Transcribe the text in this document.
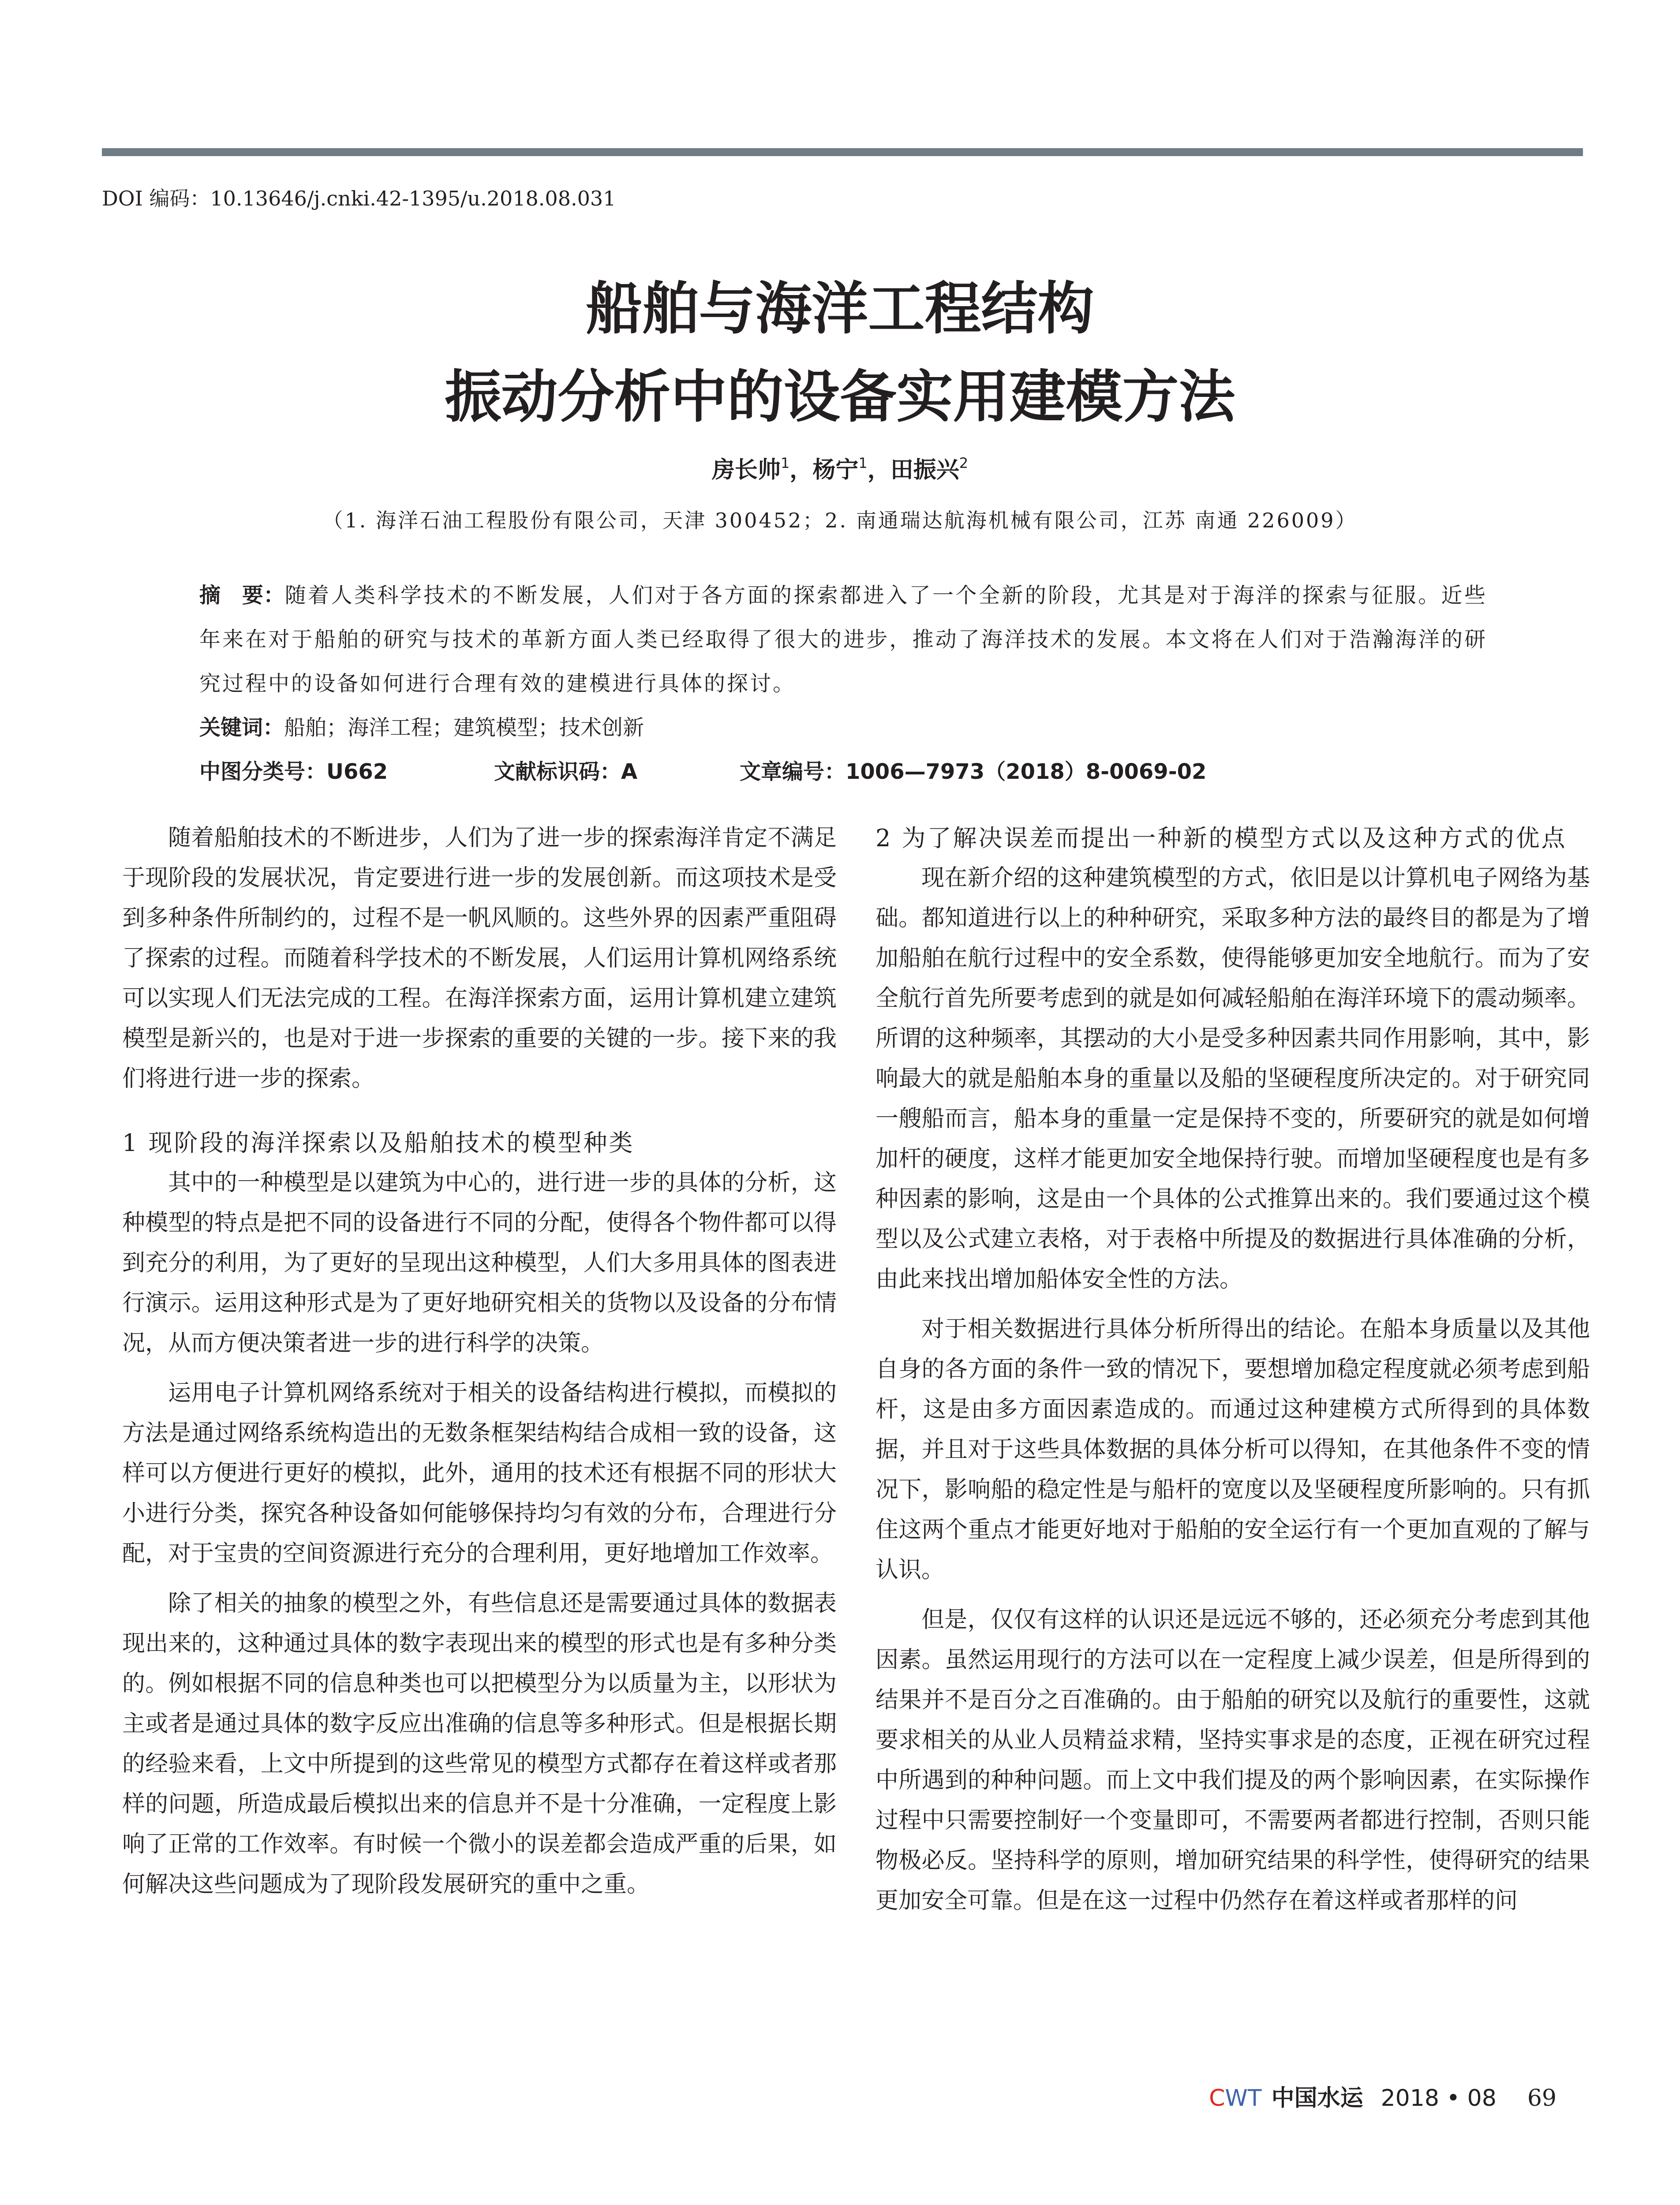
DOI 编码：10.13646/j.cnki.42-1395/u.2018.08.031
船舶与海洋工程结构
振动分析中的设备实用建模方法
房长帅$^1$，杨宁$^1$，田振兴$^2$
（1. 海洋石油工程股份有限公司，天津 300452；2. 南通瑞达航海机械有限公司，江苏 南通 226009）

摘　要：随着人类科学技术的不断发展，人们对于各方面的探索都进入了一个全新的阶段，尤其是对于海洋的探索与征服。近些年来在对于船舶的研究与技术的革新方面人类已经取得了很大的进步，推动了海洋技术的发展。本文将在人们对于浩瀚海洋的研究过程中的设备如何进行合理有效的建模进行具体的探讨。

关键词：船舶；海洋工程；建筑模型；技术创新
中图分类号：U662	文献标识码：A	文章编号：1006—7973（2018）8-0069-02

随着船舶技术的不断进步，人们为了进一步的探索海洋肯定不满足于现阶段的发展状况，肯定要进行进一步的发展创新。而这项技术是受到多种条件所制约的，过程不是一帆风顺的。这些外界的因素严重阻碍了探索的过程。而随着科学技术的不断发展，人们运用计算机网络系统可以实现人们无法完成的工程。在海洋探索方面，运用计算机建立建筑模型是新兴的，也是对于进一步探索的重要的关键的一步。接下来的我们将进行进一步的探索。

1 现阶段的海洋探索以及船舶技术的模型种类

其中的一种模型是以建筑为中心的，进行进一步的具体的分析，这种模型的特点是把不同的设备进行不同的分配，使得各个物件都可以得到充分的利用，为了更好的呈现出这种模型，人们大多用具体的图表进行演示。运用这种形式是为了更好地研究相关的货物以及设备的分布情况，从而方便决策者进一步的进行科学的决策。

运用电子计算机网络系统对于相关的设备结构进行模拟，而模拟的方法是通过网络系统构造出的无数条框架结构结合成相一致的设备，这样可以方便进行更好的模拟，此外，通用的技术还有根据不同的形状大小进行分类，探究各种设备如何能够保持均匀有效的分布，合理进行分配，对于宝贵的空间资源进行充分的合理利用，更好地增加工作效率。

除了相关的抽象的模型之外，有些信息还是需要通过具体的数据表现出来的，这种通过具体的数字表现出来的模型的形式也是有多种分类的。例如根据不同的信息种类也可以把模型分为以质量为主，以形状为主或者是通过具体的数字反应出准确的信息等多种形式。但是根据长期的经验来看，上文中所提到的这些常见的模型方式都存在着这样或者那样的问题，所造成最后模拟出来的信息并不是十分准确，一定程度上影响了正常的工作效率。有时候一个微小的误差都会造成严重的后果，如何解决这些问题成为了现阶段发展研究的重中之重。

2 为了解决误差而提出一种新的模型方式以及这种方式的优点

现在新介绍的这种建筑模型的方式，依旧是以计算机电子网络为基础。都知道进行以上的种种研究，采取多种方法的最终目的都是为了增加船舶在航行过程中的安全系数，使得能够更加安全地航行。而为了安全航行首先所要考虑到的就是如何减轻船舶在海洋环境下的震动频率。所谓的这种频率，其摆动的大小是受多种因素共同作用影响，其中，影响最大的就是船舶本身的重量以及船的坚硬程度所决定的。对于研究同一艘船而言，船本身的重量一定是保持不变的，所要研究的就是如何增加杆的硬度，这样才能更加安全地保持行驶。而增加坚硬程度也是有多种因素的影响，这是由一个具体的公式推算出来的。我们要通过这个模型以及公式建立表格，对于表格中所提及的数据进行具体准确的分析，由此来找出增加船体安全性的方法。

对于相关数据进行具体分析所得出的结论。在船本身质量以及其他自身的各方面的条件一致的情况下，要想增加稳定程度就必须考虑到船杆，这是由多方面因素造成的。而通过这种建模方式所得到的具体数据，并且对于这些具体数据的具体分析可以得知，在其他条件不变的情况下，影响船的稳定性是与船杆的宽度以及坚硬程度所影响的。只有抓住这两个重点才能更好地对于船舶的安全运行有一个更加直观的了解与认识。

但是，仅仅有这样的认识还是远远不够的，还必须充分考虑到其他因素。虽然运用现行的方法可以在一定程度上减少误差，但是所得到的结果并不是百分之百准确的。由于船舶的研究以及航行的重要性，这就要求相关的从业人员精益求精，坚持实事求是的态度，正视在研究过程中所遇到的种种问题。而上文中我们提及的两个影响因素，在实际操作过程中只需要控制好一个变量即可，不需要两者都进行控制，否则只能物极必反。坚持科学的原则，增加研究结果的科学性，使得研究的结果更加安全可靠。但是在这一过程中仍然存在着这样或者那样的问

CWT 中国水运 2018 • 08 69
